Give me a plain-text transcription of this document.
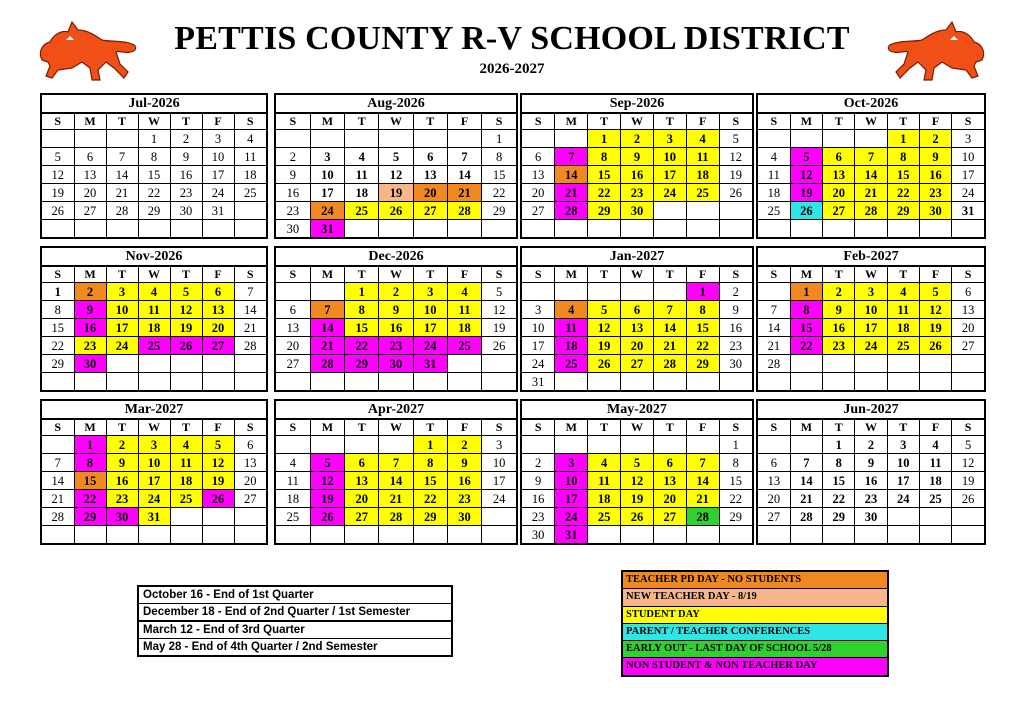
PETTIS COUNTY R-V SCHOOL DISTRICT
2026-2027
Jul-2026
S	M	T	W	T	F	S
			1	2	3	4
5	6	7	8	9	10	11
12	13	14	15	16	17	18
19	20	21	22	23	24	25
26	27	28	29	30	31	

Aug-2026
S	M	T	W	T	F	S
						1
2	3	4	5	6	7	8
9	10	11	12	13	14	15
16	17	18	19	20	21	22
23	24	25	26	27	28	29
30	31					
Sep-2026
S	M	T	W	T	F	S
		1	2	3	4	5
6	7	8	9	10	11	12
13	14	15	16	17	18	19
20	21	22	23	24	25	26
27	28	29	30			

Oct-2026
S	M	T	W	T	F	S
				1	2	3
4	5	6	7	8	9	10
11	12	13	14	15	16	17
18	19	20	21	22	23	24
25	26	27	28	29	30	31

Nov-2026
S	M	T	W	T	F	S
1	2	3	4	5	6	7
8	9	10	11	12	13	14
15	16	17	18	19	20	21
22	23	24	25	26	27	28
29	30					

Dec-2026
S	M	T	W	T	F	S
		1	2	3	4	5
6	7	8	9	10	11	12
13	14	15	16	17	18	19
20	21	22	23	24	25	26
27	28	29	30	31		

Jan-2027
S	M	T	W	T	F	S
					1	2
3	4	5	6	7	8	9
10	11	12	13	14	15	16
17	18	19	20	21	22	23
24	25	26	27	28	29	30
31						
Feb-2027
S	M	T	W	T	F	S
	1	2	3	4	5	6
7	8	9	10	11	12	13
14	15	16	17	18	19	20
21	22	23	24	25	26	27
28						

Mar-2027
S	M	T	W	T	F	S
	1	2	3	4	5	6
7	8	9	10	11	12	13
14	15	16	17	18	19	20
21	22	23	24	25	26	27
28	29	30	31			

Apr-2027
S	M	T	W	T	F	S
				1	2	3
4	5	6	7	8	9	10
11	12	13	14	15	16	17
18	19	20	21	22	23	24
25	26	27	28	29	30	

May-2027
S	M	T	W	T	F	S
						1
2	3	4	5	6	7	8
9	10	11	12	13	14	15
16	17	18	19	20	21	22
23	24	25	26	27	28	29
30	31					
Jun-2027
S	M	T	W	T	F	S
		1	2	3	4	5
6	7	8	9	10	11	12
13	14	15	16	17	18	19
20	21	22	23	24	25	26
27	28	29	30			

October 16 - End of 1st Quarter
December 18 - End of 2nd Quarter / 1st Semester
March 12 - End of 3rd Quarter
May 28 - End of 4th Quarter / 2nd Semester
TEACHER PD DAY - NO STUDENTS
NEW TEACHER DAY - 8/19
STUDENT DAY
PARENT / TEACHER CONFERENCES
EARLY OUT - LAST DAY OF SCHOOL 5/28
NON STUDENT & NON TEACHER DAY
